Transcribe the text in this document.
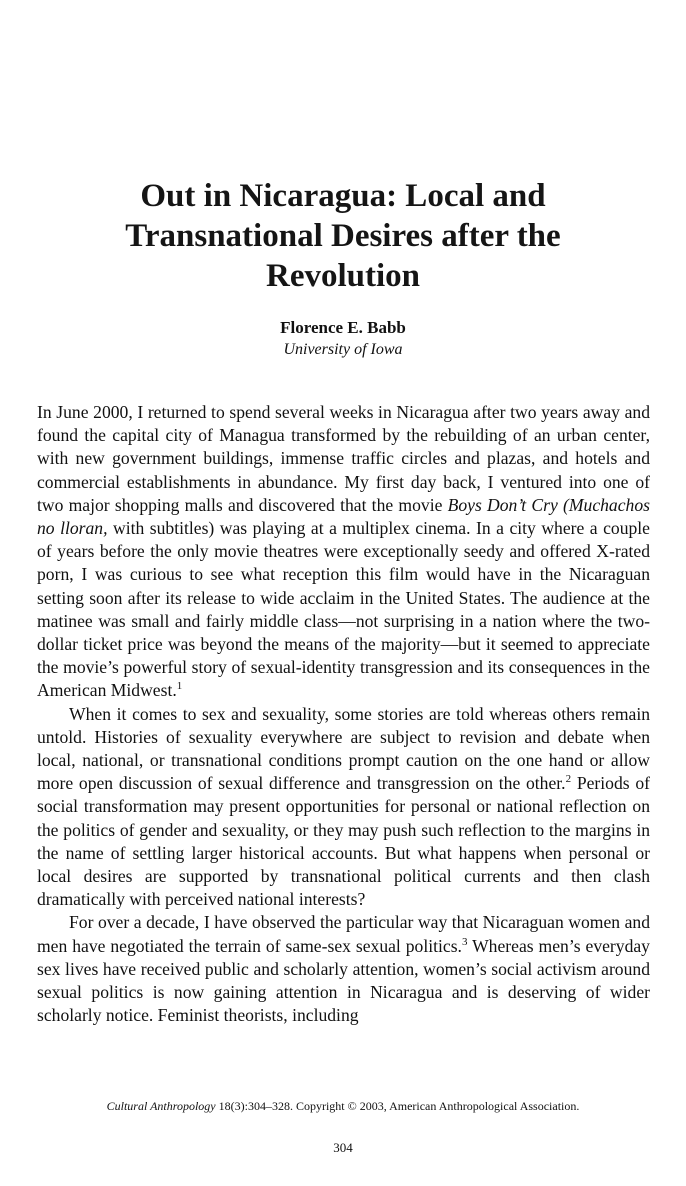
Out in Nicaragua: Local and
Transnational Desires after the
Revolution
Florence E. Babb
University of Iowa

In June 2000, I returned to spend several weeks in Nicaragua after two years away and found the capital city of Managua transformed by the rebuilding of an urban center, with new government buildings, immense traffic circles and plazas, and hotels and commercial establishments in abundance. My first day back, I ventured into one of two major shopping malls and discovered that the movie Boys Don’t Cry (Muchachos no lloran, with subtitles) was playing at a multiplex cinema. In a city where a couple of years before the only movie theatres were exceptionally seedy and offered X-rated porn, I was curious to see what reception this film would have in the Nicaraguan setting soon after its release to wide acclaim in the United States. The audience at the matinee was small and fairly middle class—not surprising in a nation where the two-dollar ticket price was beyond the means of the majority—but it seemed to appreciate the movie’s powerful story of sexual-identity transgression and its consequences in the American Midwest.$^1$

When it comes to sex and sexuality, some stories are told whereas others remain untold. Histories of sexuality everywhere are subject to revision and debate when local, national, or transnational conditions prompt caution on the one hand or allow more open discussion of sexual difference and transgression on the other.$^2$ Periods of social transformation may present opportunities for personal or national reflection on the politics of gender and sexuality, or they may push such reflection to the margins in the name of settling larger historical accounts. But what happens when personal or local desires are supported by transnational political currents and then clash dramatically with perceived national interests?

For over a decade, I have observed the particular way that Nicaraguan women and men have negotiated the terrain of same-sex sexual politics.$^3$ Whereas men’s everyday sex lives have received public and scholarly attention, women’s social activism around sexual politics is now gaining attention in Nicaragua and is deserving of wider scholarly notice. Feminist theorists, including

Cultural Anthropology 18(3):304–328. Copyright © 2003, American Anthropological Association.
304
